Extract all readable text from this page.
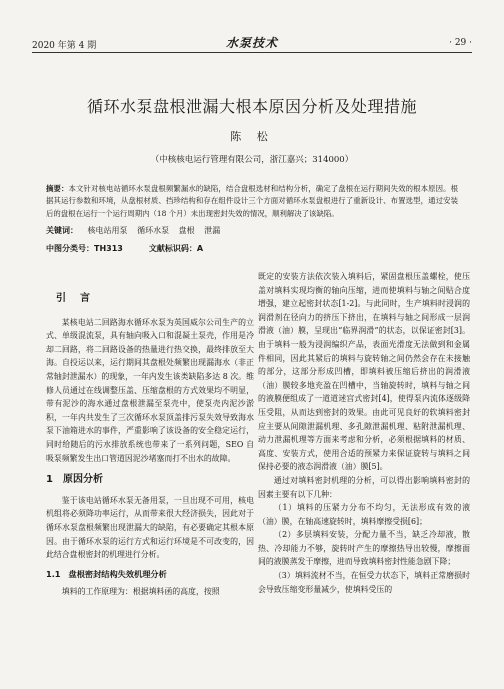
2020 年第 4 期	水泵技术	· 29 ·
循环水泵盘根泄漏大根本原因分析及处理措施
陈 松
（中核核电运行管理有限公司，浙江嘉兴；314000）
摘要：本文针对核电站循环水泵盘根频繁漏水的缺陷，结合盘根选材和结构分析，确定了盘根在运行期间失效的根本原因。根据其运行参数和环境，从盘根材质、挡珍结构和存在组件设计三个方面对循环水泵盘根进行了重新设计、布置选型，通过安装后的盘根在运行一个运行周期内（18 个月）未出现密封失效的情况，顺利解决了该缺陷。
关键词： 核电站用泵 循环水泵 盘根 泄漏
中图分类号：TH313	文献标识码：A
引 言

某核电站二回路海水循环水泵为英国威尔公司生产的立式、单级混流泵，具有轴向吸入口和混凝土泵壳，作用是冷却二回路，将二回路设备的热量进行热交换，最终排放至大海。自投运以来，运行期间其盘根处频繁出现漏海水（非正常轴封泄漏水）的现象，一年内发生该类缺陷多达 8 次。维修人员通过在线调整压盖、压缩盘根的方式效果均不明显，带有泥沙的海水通过盘根泄漏至泵壳中，使泵壳内泥沙淤积，一年内共发生了三次循环水泵顶盖排污泵失效导致海水泵下油箱进水的事件，严重影响了该设备的安全稳定运行，同时给随后的污水排放系统也带来了一系列问题，SEO 自吸泵频繁发生出口管道因泥沙堵塞而打不出水的故障。

1 原因分析

鉴于该电站循环水泵无备用泵，一旦出现不可用，核电机组将必须降功率运行，从而带来很大经济损失，因此对于循环水泵盘根频繁出现泄漏大的缺陷，有必要确定其根本原因。由于循环水泵的运行方式和运行环境是不可改变的，因此结合盘根密封的机理进行分析。

1.1 盘根密封结构失效机理分析

填料的工作原理为：根据填料函的高度，按照

既定的安装方法依次装入填料后，紧固盘根压盖螺栓，使压盖对填料实现均衡的轴向压缩，进而使填料与轴之间贴合度增强，建立起密封状态[1-2]。与此同时，生产填料时浸润的润滑剂在径向力的挤压下挤出，在填料与轴之间形成一层润滑液（油）膜，呈现出“临界润滑”的状态，以保证密封[3]。由于填料一般为浸润编织产品，表面光滑度无法做到和金属件相同，因此其紧后的填料与旋转轴之间仍然会存在未接触的部分，这部分形成凹槽，即填料被压缩后挤出的润滑液（油）膜较多地充盈在凹槽中，当轴旋转时，填料与轴之间的液膜便组成了一道道迷宫式密封[4]，使得泵内流体逐级降压受阻，从而达到密封的效果。由此可见良好的软填料密封应主要从间隙泄漏机理、多孔隙泄漏机理、粘附泄漏机理、动力泄漏机理等方面来考虑和分析，必须根据填料的材质、高度、安装方式，使用合适的预紧力来保证旋转与填料之间保持必要的液态润滑液（油）膜[5]。

通过对填料密封机理的分析，可以得出影响填料密封的因素主要有以下几种：

（1）填料的压紧力分布不均匀，无法形成有效的液（油）膜，在轴高速旋转时，填料摩擦受损[6]；

（2）多层填料安装，分配力量不当，缺乏冷却液，散热、冷却能力不够，旋转时产生的摩擦热导出较慢，摩擦面间的液膜蒸发干摩擦，进而导致填料密封性能急剧下降；

（3）填料流材不当，在恒受力状态下，填料正常磨损时会导致压缩变形量减少，使填料受压的
